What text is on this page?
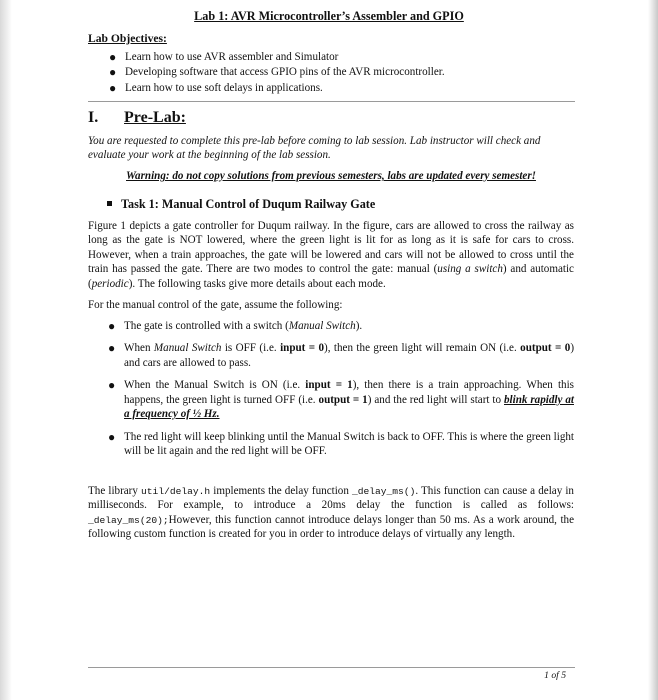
Lab 1: AVR Microcontroller’s Assembler and GPIO
Lab Objectives:
● Learn how to use AVR assembler and Simulator
● Developing software that access GPIO pins of the AVR microcontroller.
● Learn how to use soft delays in applications.
I. Pre-Lab:
You are requested to complete this pre-lab before coming to lab session. Lab instructor will check and evaluate your work at the beginning of the lab session.
Warning: do not copy solutions from previous semesters, labs are updated every semester!
Task 1: Manual Control of Duqum Railway Gate
Figure 1 depicts a gate controller for Duqum railway. In the figure, cars are allowed to cross the railway as long as the gate is NOT lowered, where the green light is lit for as long as it is safe for cars to cross. However, when a train approaches, the gate will be lowered and cars will not be allowed to cross until the train has passed the gate. There are two modes to control the gate: manual (using a switch) and automatic (periodic). The following tasks give more details about each mode.
For the manual control of the gate, assume the following:
● The gate is controlled with a switch (Manual Switch).
● When Manual Switch is OFF (i.e. input = 0), then the green light will remain ON (i.e. output = 0) and cars are allowed to pass.
● When the Manual Switch is ON (i.e. input = 1), then there is a train approaching. When this happens, the green light is turned OFF (i.e. output = 1) and the red light will start to blink rapidly at a frequency of ½ Hz.
● The red light will keep blinking until the Manual Switch is back to OFF. This is where the green light will be lit again and the red light will be OFF.
The library util/delay.h implements the delay function _delay_ms(). This function can cause a delay in milliseconds. For example, to introduce a 20ms delay the function is called as follows: _delay_ms(20);However, this function cannot introduce delays longer than 50 ms. As a work around, the following custom function is created for you in order to introduce delays of virtually any length.
1 of 5
